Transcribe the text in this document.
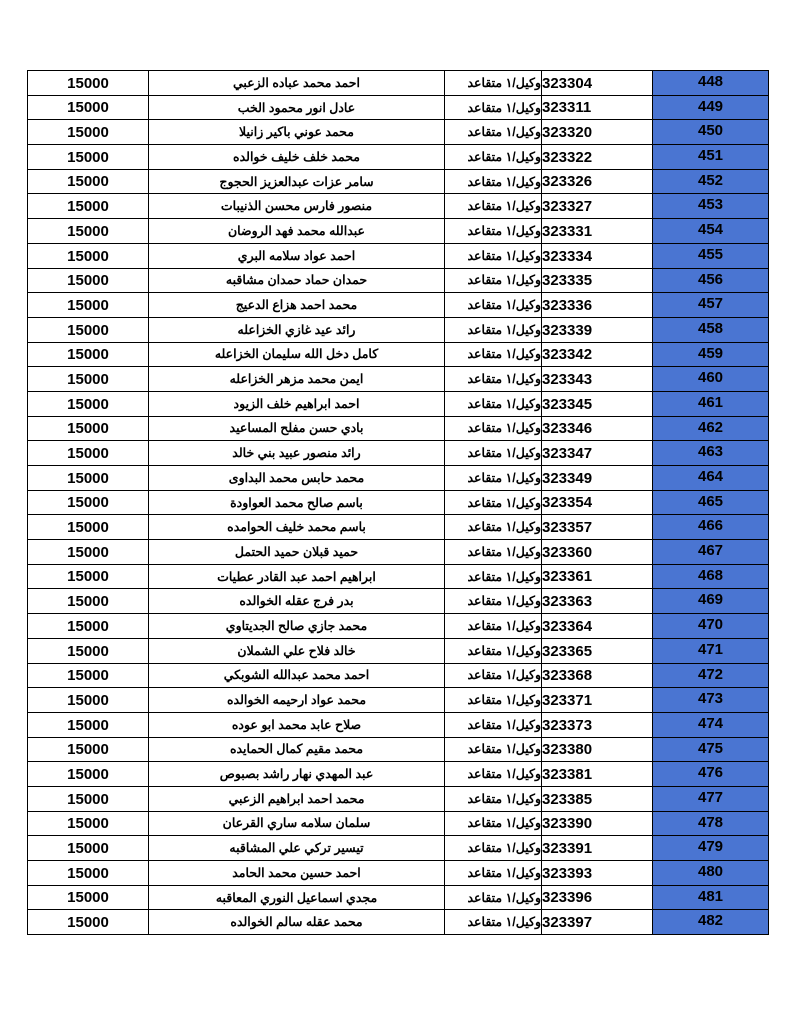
15000	احمد محمد عباده الزعبي	وكيل/١ متقاعد	323304	448
15000	عادل انور محمود الخب	وكيل/١ متقاعد	323311	449
15000	محمد عوني باكير زانيلا	وكيل/١ متقاعد	323320	450
15000	محمد خلف خليف خوالده	وكيل/١ متقاعد	323322	451
15000	سامر عزات عبدالعزيز الحجوج	وكيل/١ متقاعد	323326	452
15000	منصور فارس محسن الذنيبات	وكيل/١ متقاعد	323327	453
15000	عبدالله محمد فهد الروضان	وكيل/١ متقاعد	323331	454
15000	احمد عواد سلامه البري	وكيل/١ متقاعد	323334	455
15000	حمدان حماد حمدان مشاقبه	وكيل/١ متقاعد	323335	456
15000	محمد احمد هزاع الدعيج	وكيل/١ متقاعد	323336	457
15000	رائد عيد غازي الخزاعله	وكيل/١ متقاعد	323339	458
15000	كامل دخل الله سليمان الخزاعله	وكيل/١ متقاعد	323342	459
15000	ايمن محمد مزهر الخزاعله	وكيل/١ متقاعد	323343	460
15000	احمد ابراهيم خلف الزيود	وكيل/١ متقاعد	323345	461
15000	بادي حسن مفلح المساعيد	وكيل/١ متقاعد	323346	462
15000	رائد منصور عبيد بني خالد	وكيل/١ متقاعد	323347	463
15000	محمد حابس محمد البداوى	وكيل/١ متقاعد	323349	464
15000	باسم صالح محمد العواودة	وكيل/١ متقاعد	323354	465
15000	باسم محمد خليف الحوامده	وكيل/١ متقاعد	323357	466
15000	حميد قبلان حميد الحتمل	وكيل/١ متقاعد	323360	467
15000	ابراهيم احمد عبد القادر عطيات	وكيل/١ متقاعد	323361	468
15000	بدر فرج عقله الخوالده	وكيل/١ متقاعد	323363	469
15000	محمد جازي صالح الجديتاوي	وكيل/١ متقاعد	323364	470
15000	خالد فلاح علي الشملان	وكيل/١ متقاعد	323365	471
15000	احمد محمد عبدالله الشوبكي	وكيل/١ متقاعد	323368	472
15000	محمد عواد ارحيمه الخوالده	وكيل/١ متقاعد	323371	473
15000	صلاح عابد محمد ابو عوده	وكيل/١ متقاعد	323373	474
15000	محمد مقيم كمال الحمايده	وكيل/١ متقاعد	323380	475
15000	عبد المهدي نهار راشد بصبوص	وكيل/١ متقاعد	323381	476
15000	محمد احمد ابراهيم الزعبي	وكيل/١ متقاعد	323385	477
15000	سلمان سلامه ساري القرعان	وكيل/١ متقاعد	323390	478
15000	تيسير تركي علي المشاقبه	وكيل/١ متقاعد	323391	479
15000	احمد حسين محمد الحامد	وكيل/١ متقاعد	323393	480
15000	مجدي اسماعيل النوري المعاقبه	وكيل/١ متقاعد	323396	481
15000	محمد عقله سالم الخوالده	وكيل/١ متقاعد	323397	482
